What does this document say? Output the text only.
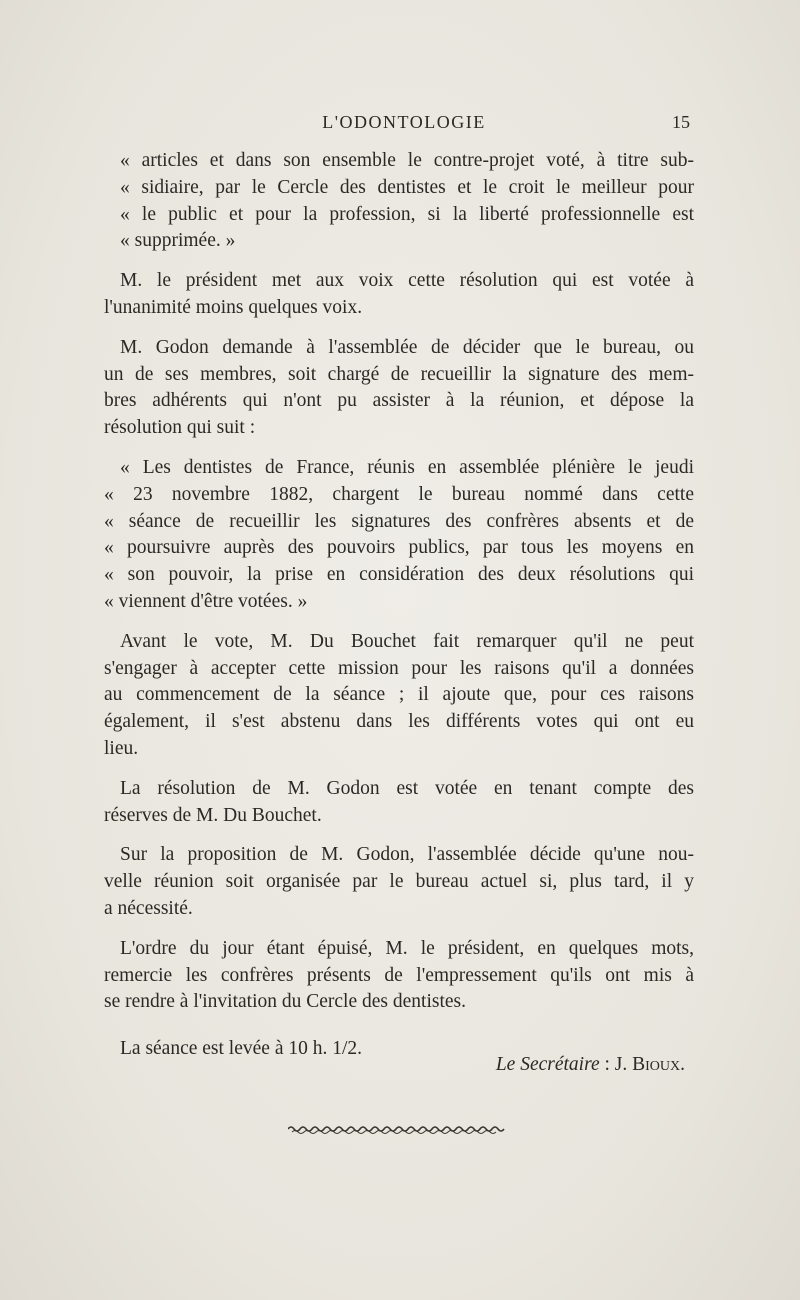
L'ODONTOLOGIE	15

« articles et dans son ensemble le contre-projet voté, à titre sub-
« sidiaire, par le Cercle des dentistes et le croit le meilleur pour
« le public et pour la profession, si la liberté professionnelle est
« supprimée. »

M. le président met aux voix cette résolution qui est votée à
l'unanimité moins quelques voix.

M. Godon demande à l'assemblée de décider que le bureau, ou
un de ses membres, soit chargé de recueillir la signature des mem-
bres adhérents qui n'ont pu assister à la réunion, et dépose la
résolution qui suit :

« Les dentistes de France, réunis en assemblée plénière le jeudi
« 23 novembre 1882, chargent le bureau nommé dans cette
« séance de recueillir les signatures des confrères absents et de
« poursuivre auprès des pouvoirs publics, par tous les moyens en
« son pouvoir, la prise en considération des deux résolutions qui
« viennent d'être votées. »

Avant le vote, M. Du Bouchet fait remarquer qu'il ne peut
s'engager à accepter cette mission pour les raisons qu'il a données
au commencement de la séance ; il ajoute que, pour ces raisons
également, il s'est abstenu dans les différents votes qui ont eu
lieu.

La résolution de M. Godon est votée en tenant compte des
réserves de M. Du Bouchet.

Sur la proposition de M. Godon, l'assemblée décide qu'une nou-
velle réunion soit organisée par le bureau actuel si, plus tard, il y
a nécessité.

L'ordre du jour étant épuisé, M. le président, en quelques mots,
remercie les confrères présents de l'empressement qu'ils ont mis à
se rendre à l'invitation du Cercle des dentistes.

La séance est levée à 10 h. 1/2.

Le Secrétaire : J. Bioux.
